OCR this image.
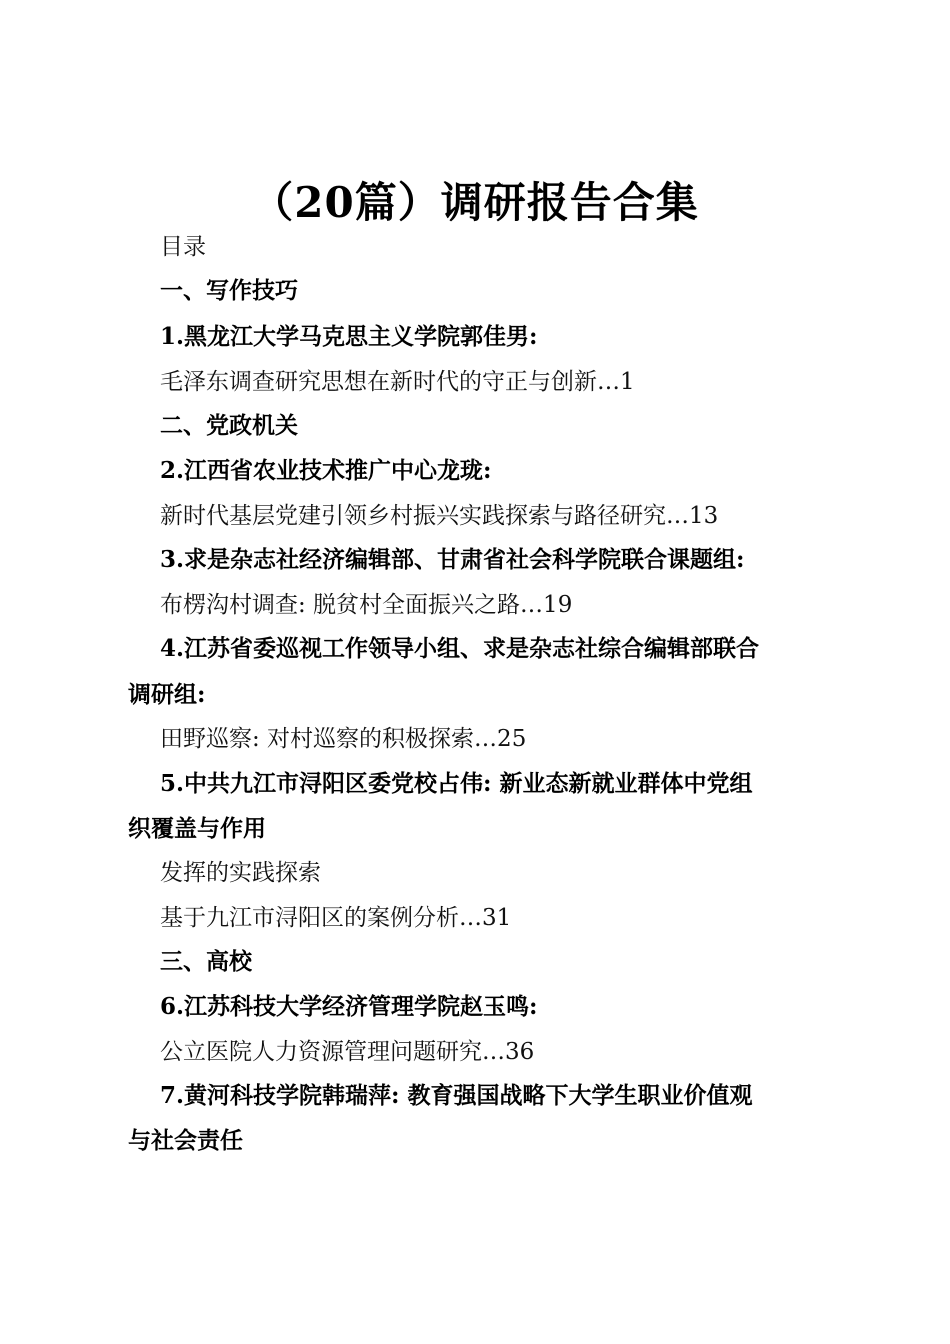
（20篇）调研报告合集
目录
一、写作技巧
1.黑龙江大学马克思主义学院郭佳男:
毛泽东调查研究思想在新时代的守正与创新…1
二、党政机关
2.江西省农业技术推广中心龙珑:
新时代基层党建引领乡村振兴实践探索与路径研究…13
3.求是杂志社经济编辑部、甘肃省社会科学院联合课题组:
布楞沟村调查: 脱贫村全面振兴之路…19
4.江苏省委巡视工作领导小组、求是杂志社综合编辑部联合
调研组:
田野巡察: 对村巡察的积极探索…25
5.中共九江市浔阳区委党校占伟: 新业态新就业群体中党组
织覆盖与作用
发挥的实践探索
基于九江市浔阳区的案例分析…31
三、高校
6.江苏科技大学经济管理学院赵玉鸣:
公立医院人力资源管理问题研究…36
7.黄河科技学院韩瑞萍: 教育强国战略下大学生职业价值观
与社会责任
